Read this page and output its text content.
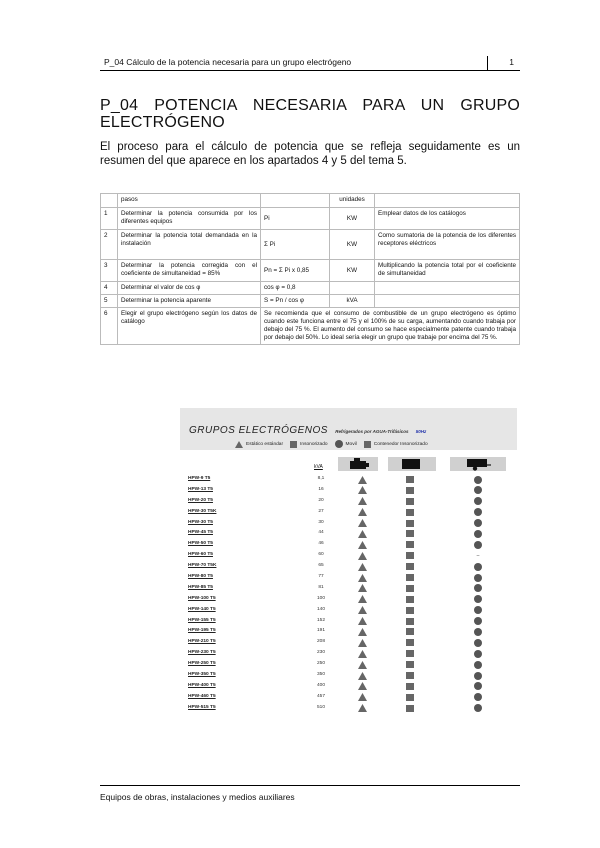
P_04 Cálculo de la potencia necesaria para un grupo electrógeno	1
P_04 POTENCIA NECESARIA PARA UN GRUPO ELECTRÓGENO
El proceso para el cálculo de potencia que se refleja seguidamente es un resumen del que aparece en los apartados 4 y 5 del tema 5.
	pasos		unidades	
1	Determinar la potencia consumida por los diferentes equipos	Pi	KW	Emplear datos de los catálogos
2	Determinar la potencia total demandada en la instalación	Σ Pi	KW	Como sumatoria de la potencia de los diferentes receptores eléctricos
3	Determinar la potencia corregida con el coeficiente de simultaneidad = 85%	Pn = Σ Pi x 0,85	KW	Multiplicando la potencia total por el coeficiente de simultaneidad
4	Determinar el valor de cos φ	cos φ = 0,8		
5	Determinar la potencia aparente	S = Pn / cos φ	kVA	
6	Elegir el grupo electrógeno según los datos de catálogo	Se recomienda que el consumo de combustible de un grupo electrógeno es óptimo cuando este funciona entre el 75 y el 100% de su carga, aumentando cuando trabaja por debajo del 75 %. El aumento del consumo se hace especialmente patente cuando trabaja por debajo del 50%. Lo ideal sería elegir un grupo que trabaje por encima del 75 %.		
GRUPOS ELECTRÓGENOS Refrigerados por AGUA-Trifásicos 50Hz
Estático estándar	Insonorizado	Movil	Contenedor Insonorizado
kVA
HPW-9 T5	8,1
HPW-13 T5	16
HPW-20 T5	20
HPW-30 T5K	27
HPW-30 T5	30
HPW-45 T5	44
HPW-50 T5	46
HPW-60 T5	60	–
HPW-70 T5K	65
HPW-80 T5	77
HPW-85 T5	81
HPW-100 T5	100
HPW-140 T5	140
HPW-155 T5	152
HPW-195 T5	191
HPW-210 T5	208
HPW-230 T5	230
HPW-250 T5	250
HPW-350 T5	350
HPW-400 T5	400
HPW-460 T5	457
HPW-515 T5	510
Equipos de obras, instalaciones y medios auxiliares
